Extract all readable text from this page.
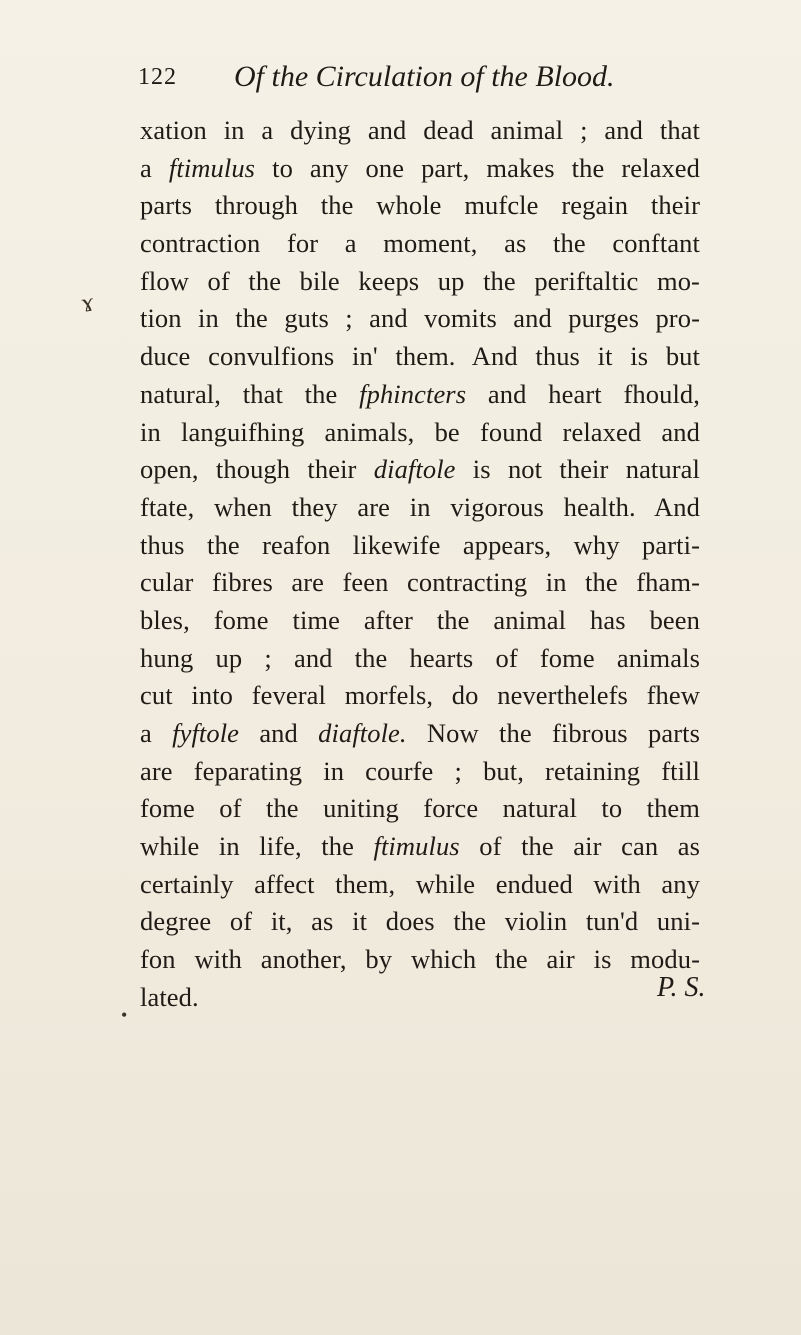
122 Of the Circulation of the Blood.
ɤ
•
xation in a dying and dead animal ; and that
a ftimulus to any one part, makes the relaxed
parts through the whole mufcle regain their
contraction for a moment, as the conftant
flow of the bile keeps up the periftaltic mo-
tion in the guts ; and vomits and purges pro-
duce convulfions in' them. And thus it is but
natural, that the fphincters and heart fhould,
in languifhing animals, be found relaxed and
open, though their diaftole is not their natural
ftate, when they are in vigorous health. And
thus the reafon likewife appears, why parti-
cular fibres are feen contracting in the fham-
bles, fome time after the animal has been
hung up ; and the hearts of fome animals
cut into feveral morfels, do neverthelefs fhew
a fyftole and diaftole. Now the fibrous parts
are feparating in courfe ; but, retaining ftill
fome of the uniting force natural to them
while in life, the ftimulus of the air can as
certainly affect them, while endued with any
degree of it, as it does the violin tun'd uni-
fon with another, by which the air is modu-
lated.	P. S.
